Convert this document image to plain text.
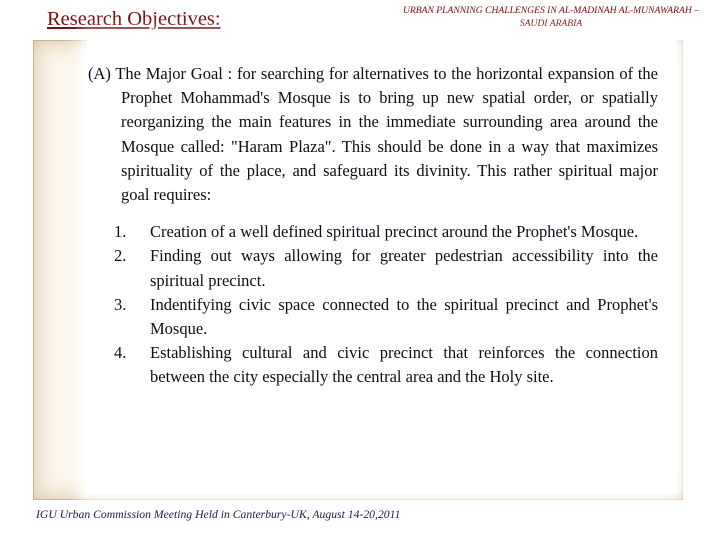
Research Objectives:	URBAN PLANNING CHALLENGES IN AL-MADINAH AL-MUNAWARAH –SAUDI ARABIA

(A) The Major Goal : for searching for alternatives to the horizontal expansion of the Prophet Mohammad's Mosque is to bring up new spatial order, or spatially reorganizing the main features in the immediate surrounding area around the Mosque called: "Haram Plaza". This should be done in a way that maximizes spirituality of the place, and safeguard its divinity. This rather spiritual major goal requires:

1. Creation of a well defined spiritual precinct around the Prophet's Mosque.
2. Finding out ways allowing for greater pedestrian accessibility into the spiritual precinct.
3. Indentifying civic space connected to the spiritual precinct and Prophet's Mosque.
4. Establishing cultural and civic precinct that reinforces the connection between the city especially the central area and the Holy site.
IGU Urban Commission Meeting Held in Canterbury-UK, August 14-20,2011
